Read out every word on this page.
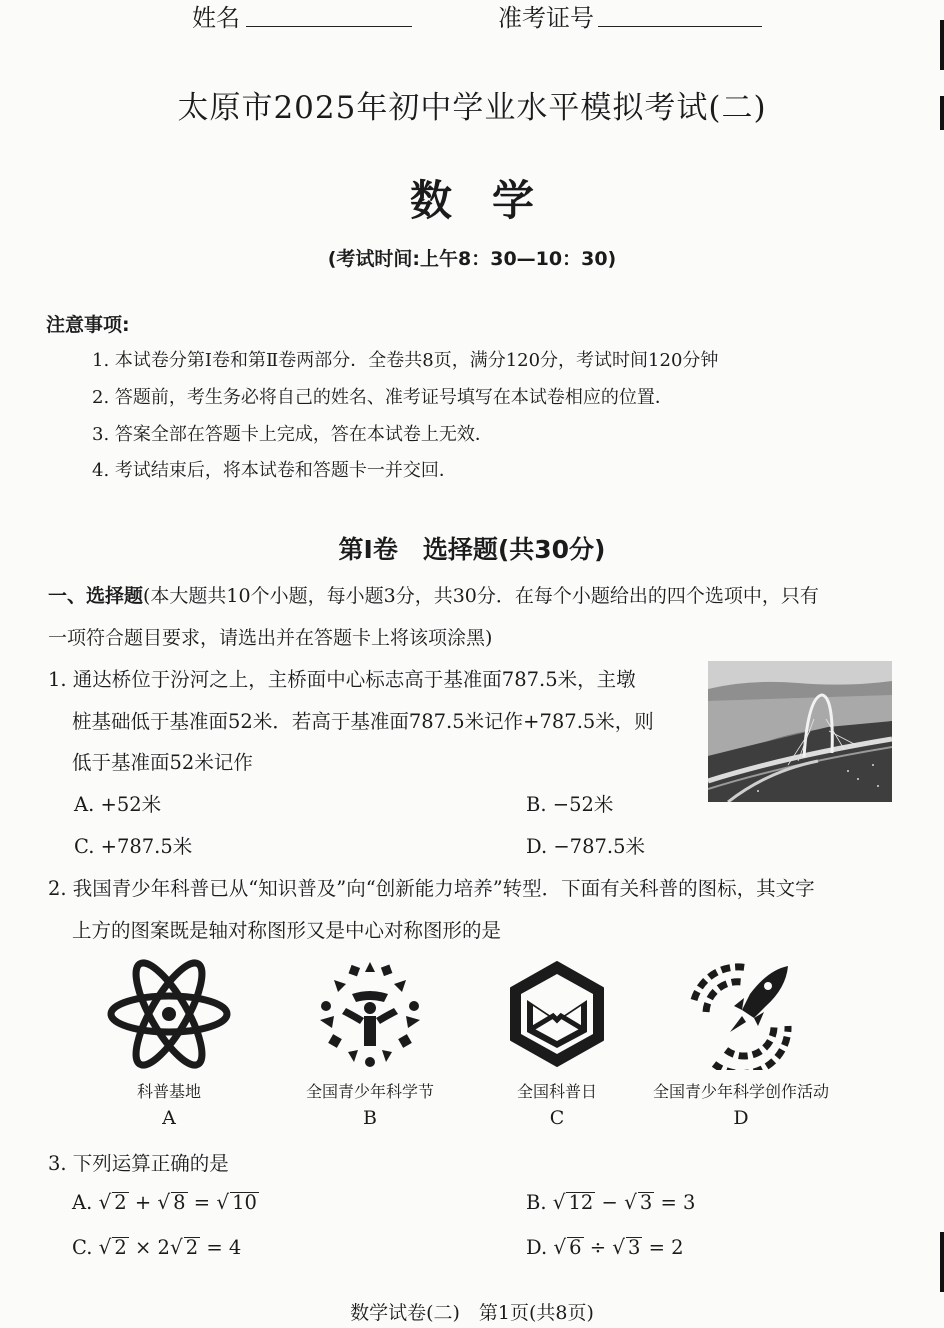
姓名	准考证号
太原市2025年初中学业水平模拟考试(二)
数学
(考试时间:上午8：30—10：30)
注意事项:
1. 本试卷分第Ⅰ卷和第Ⅱ卷两部分．全卷共8页，满分120分，考试时间120分钟
2. 答题前，考生务必将自己的姓名、准考证号填写在本试卷相应的位置．
3. 答案全部在答题卡上完成，答在本试卷上无效．
4. 考试结束后，将本试卷和答题卡一并交回．
第Ⅰ卷　选择题(共30分)
一、选择题(本大题共10个小题，每小题3分，共30分．在每个小题给出的四个选项中，只有
一项符合题目要求，请选出并在答题卡上将该项涂黑)
1. 通达桥位于汾河之上，主桥面中心标志高于基准面787.5米，主墩
桩基础低于基准面52米．若高于基准面787.5米记作+787.5米，则
低于基准面52米记作
A. +52米	B. −52米
C. +787.5米	D. −787.5米
2. 我国青少年科普已从“知识普及”向“创新能力培养”转型．下面有关科普的图标，其文字
上方的图案既是轴对称图形又是中心对称图形的是
科普基地
A
全国青少年科学节
B
全国科普日
C
全国青少年科学创作活动
D
3. 下列运算正确的是
A. √ 2 + √ 8 = √ 10	B. √ 12 − √ 3 = 3
C. √ 2 × 2√ 2 = 4	D. √ 6 ÷ √ 3 = 2
数学试卷(二)　第1页(共8页)
